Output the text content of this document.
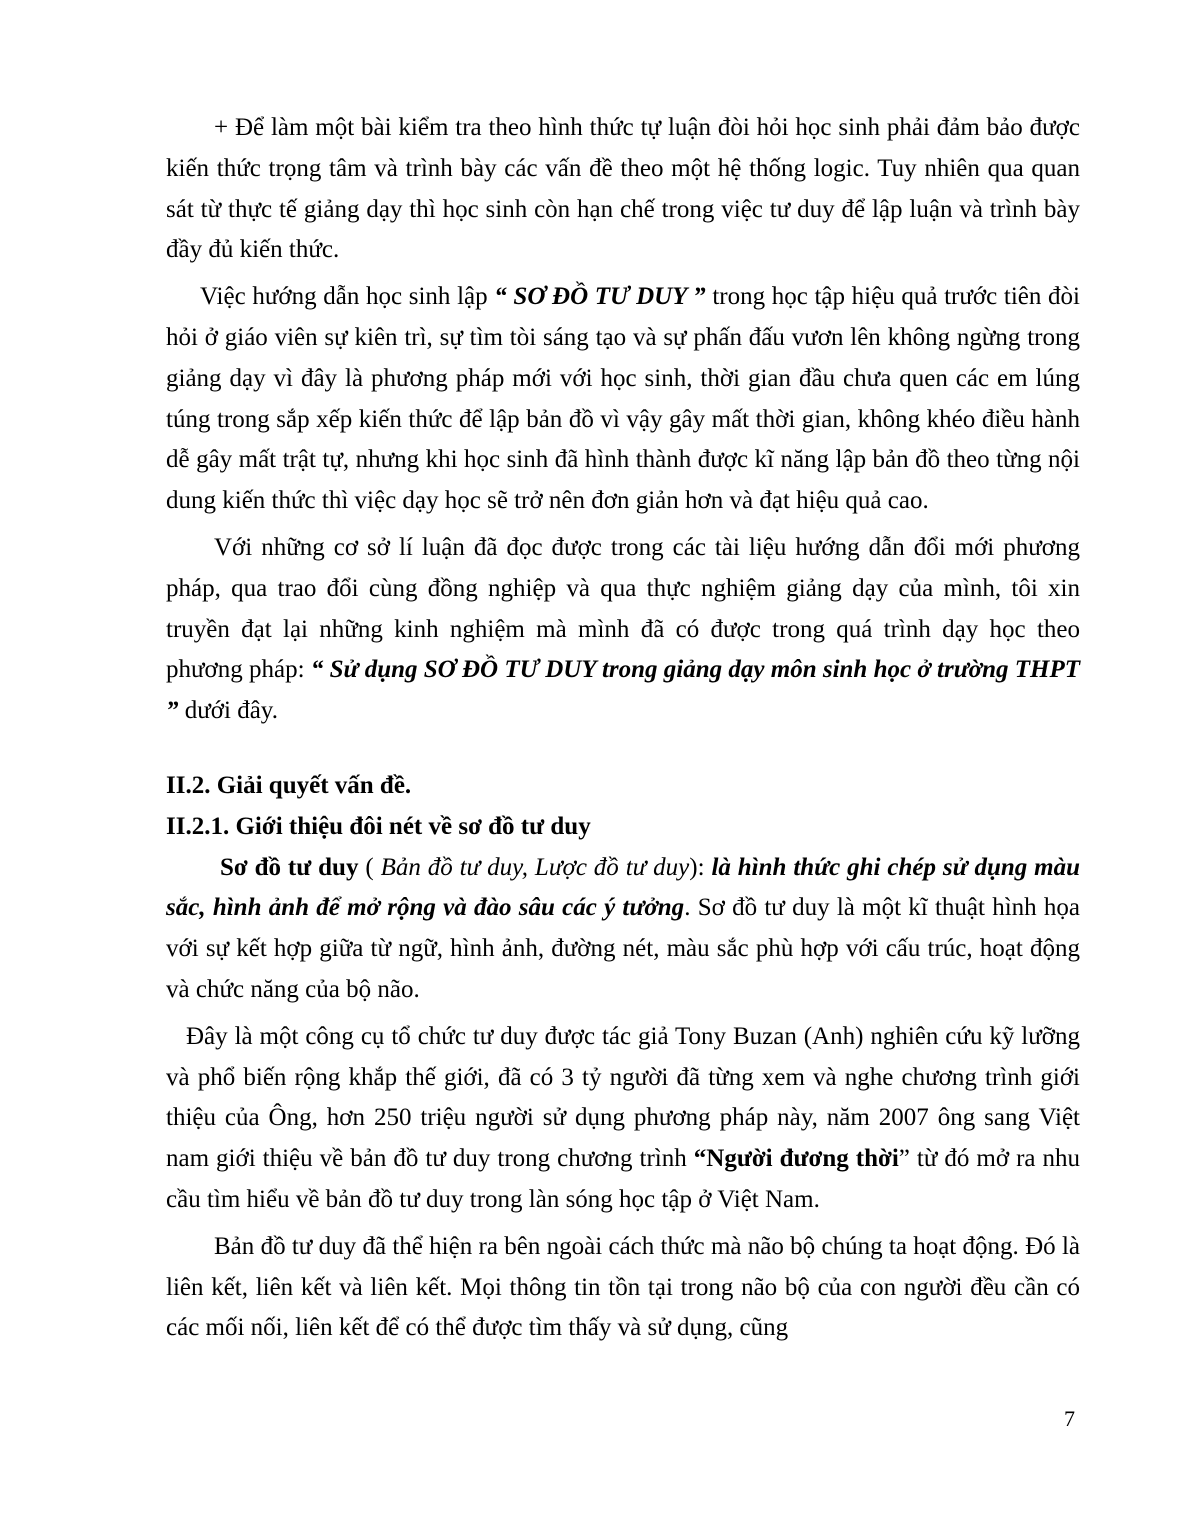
+ Để làm một bài kiểm tra theo hình thức tự luận đòi hỏi học sinh phải đảm bảo được kiến thức trọng tâm và trình bày các vấn đề theo một hệ thống logic. Tuy nhiên qua quan sát từ thực tế giảng dạy thì học sinh còn hạn chế trong việc tư duy để lập luận và trình bày đầy đủ kiến thức.

Việc hướng dẫn học sinh lập “ SƠ ĐỒ TƯ DUY ” trong học tập hiệu quả trước tiên đòi hỏi ở giáo viên sự kiên trì, sự tìm tòi sáng tạo và sự phấn đấu vươn lên không ngừng trong giảng dạy vì đây là phương pháp mới với học sinh, thời gian đầu chưa quen các em lúng túng trong sắp xếp kiến thức để lập bản đồ vì vậy gây mất thời gian, không khéo điều hành dễ gây mất trật tự, nhưng khi học sinh đã hình thành được kĩ năng lập bản đồ theo từng nội dung kiến thức thì việc dạy học sẽ trở nên đơn giản hơn và đạt hiệu quả cao.

Với những cơ sở lí luận đã đọc được trong các tài liệu hướng dẫn đổi mới phương pháp, qua trao đổi cùng đồng nghiệp và qua thực nghiệm giảng dạy của mình, tôi xin truyền đạt lại những kinh nghiệm mà mình đã có được trong quá trình dạy học theo phương pháp: “ Sử dụng SƠ ĐỒ TƯ DUY trong giảng dạy môn sinh học ở trường THPT ” dưới đây.

II.2. Giải quyết vấn đề.
II.2.1. Giới thiệu đôi nét về sơ đồ tư duy

Sơ đồ tư duy ( Bản đồ tư duy, Lược đồ tư duy): là hình thức ghi chép sử dụng màu sắc, hình ảnh để mở rộng và đào sâu các ý tưởng. Sơ đồ tư duy là một kĩ thuật hình họa với sự kết hợp giữa từ ngữ, hình ảnh, đường nét, màu sắc phù hợp với cấu trúc, hoạt động và chức năng của bộ não.

Đây là một công cụ tổ chức tư duy được tác giả Tony Buzan (Anh) nghiên cứu kỹ lưỡng và phổ biến rộng khắp thế giới, đã có 3 tỷ người đã từng xem và nghe chương trình giới thiệu của Ông, hơn 250 triệu người sử dụng phương pháp này, năm 2007 ông sang Việt nam giới thiệu về bản đồ tư duy trong chương trình “Người đương thời” từ đó mở ra nhu cầu tìm hiểu về bản đồ tư duy trong làn sóng học tập ở Việt Nam.

Bản đồ tư duy đã thể hiện ra bên ngoài cách thức mà não bộ chúng ta hoạt động. Đó là liên kết, liên kết và liên kết. Mọi thông tin tồn tại trong não bộ của con người đều cần có các mối nối, liên kết để có thể được tìm thấy và sử dụng, cũng

7
